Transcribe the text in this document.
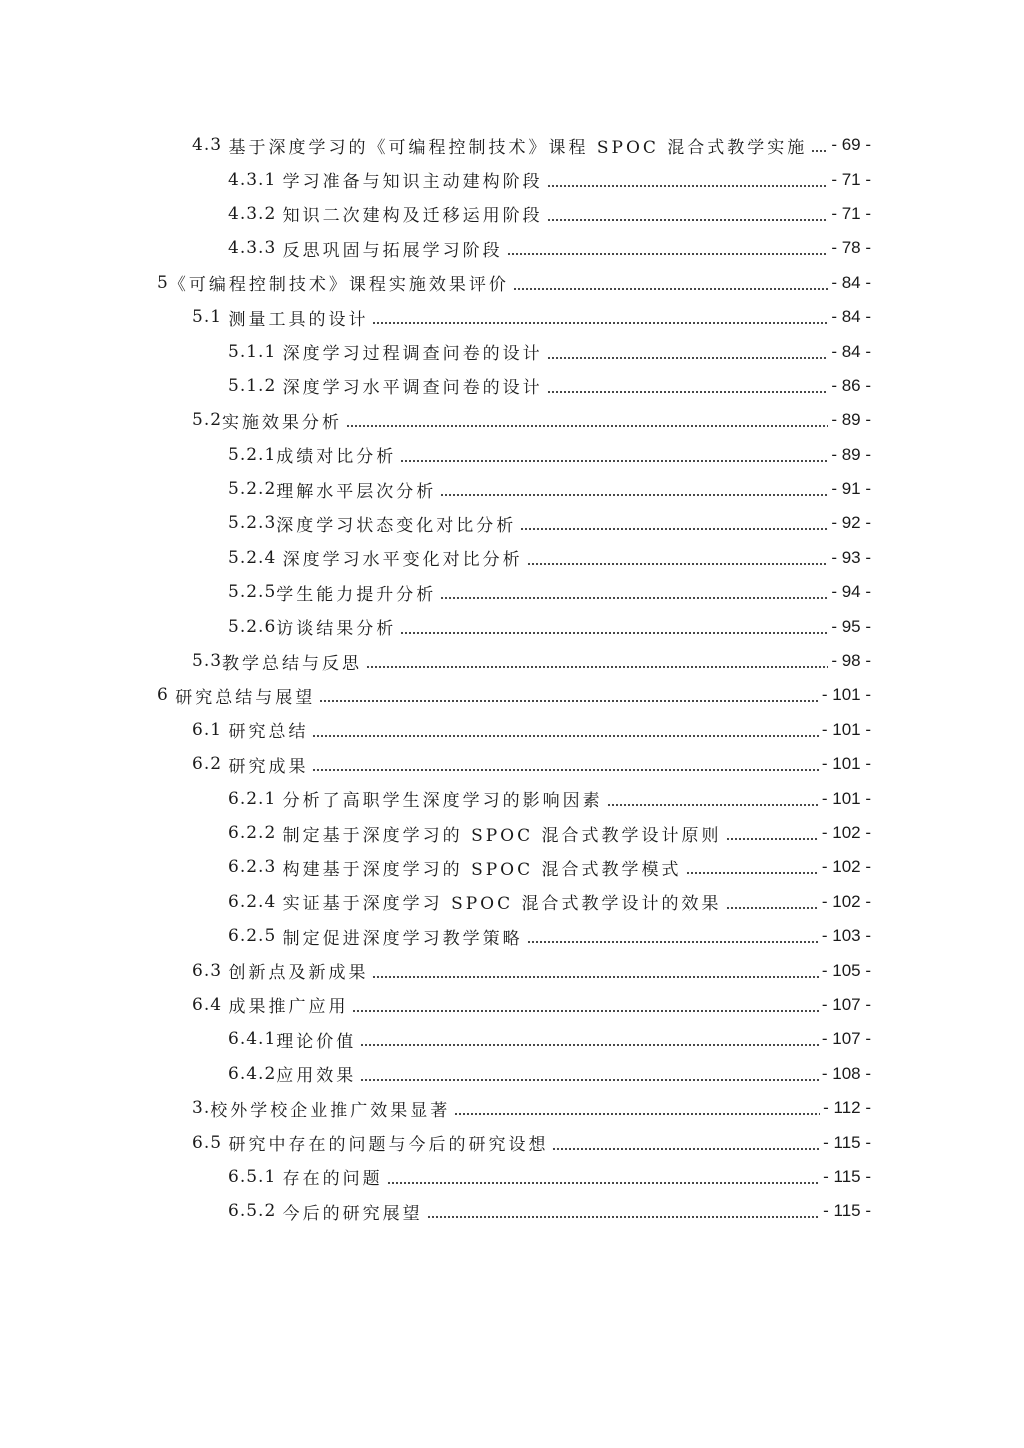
4.3 基于深度学习的《可编程控制技术》课程 SPOC 混合式教学实施 - 69 -
4.3.1 学习准备与知识主动建构阶段	- 71 -
4.3.2 知识二次建构及迁移运用阶段	- 71 -
4.3.3 反思巩固与拓展学习阶段	- 78 -
5 《可编程控制技术》课程实施效果评价	- 84 -
5.1 测量工具的设计	- 84 -
5.1.1 深度学习过程调查问卷的设计	- 84 -
5.1.2 深度学习水平调查问卷的设计	- 86 -
5.2 实施效果分析	- 89 -
5.2.1 成绩对比分析	- 89 -
5.2.2 理解水平层次分析	- 91 -
5.2.3 深度学习状态变化对比分析	- 92 -
5.2.4 深度学习水平变化对比分析	- 93 -
5.2.5 学生能力提升分析	- 94 -
5.2.6 访谈结果分析	- 95 -
5.3 教学总结与反思	- 98 -
6 研究总结与展望	- 101 -
6.1 研究总结	- 101 -
6.2 研究成果	- 101 -
6.2.1 分析了高职学生深度学习的影响因素	- 101 -
6.2.2 制定基于深度学习的 SPOC 混合式教学设计原则	- 102 -
6.2.3 构建基于深度学习的 SPOC 混合式教学模式	- 102 -
6.2.4 实证基于深度学习 SPOC 混合式教学设计的效果	- 102 -
6.2.5 制定促进深度学习教学策略	- 103 -
6.3 创新点及新成果	- 105 -
6.4 成果推广应用	- 107 -
6.4.1 理论价值	- 107 -
6.4.2 应用效果	- 108 -
3. 校外学校企业推广效果显著	- 112 -
6.5 研究中存在的问题与今后的研究设想	- 115 -
6.5.1 存在的问题	- 115 -
6.5.2 今后的研究展望	- 115 -
